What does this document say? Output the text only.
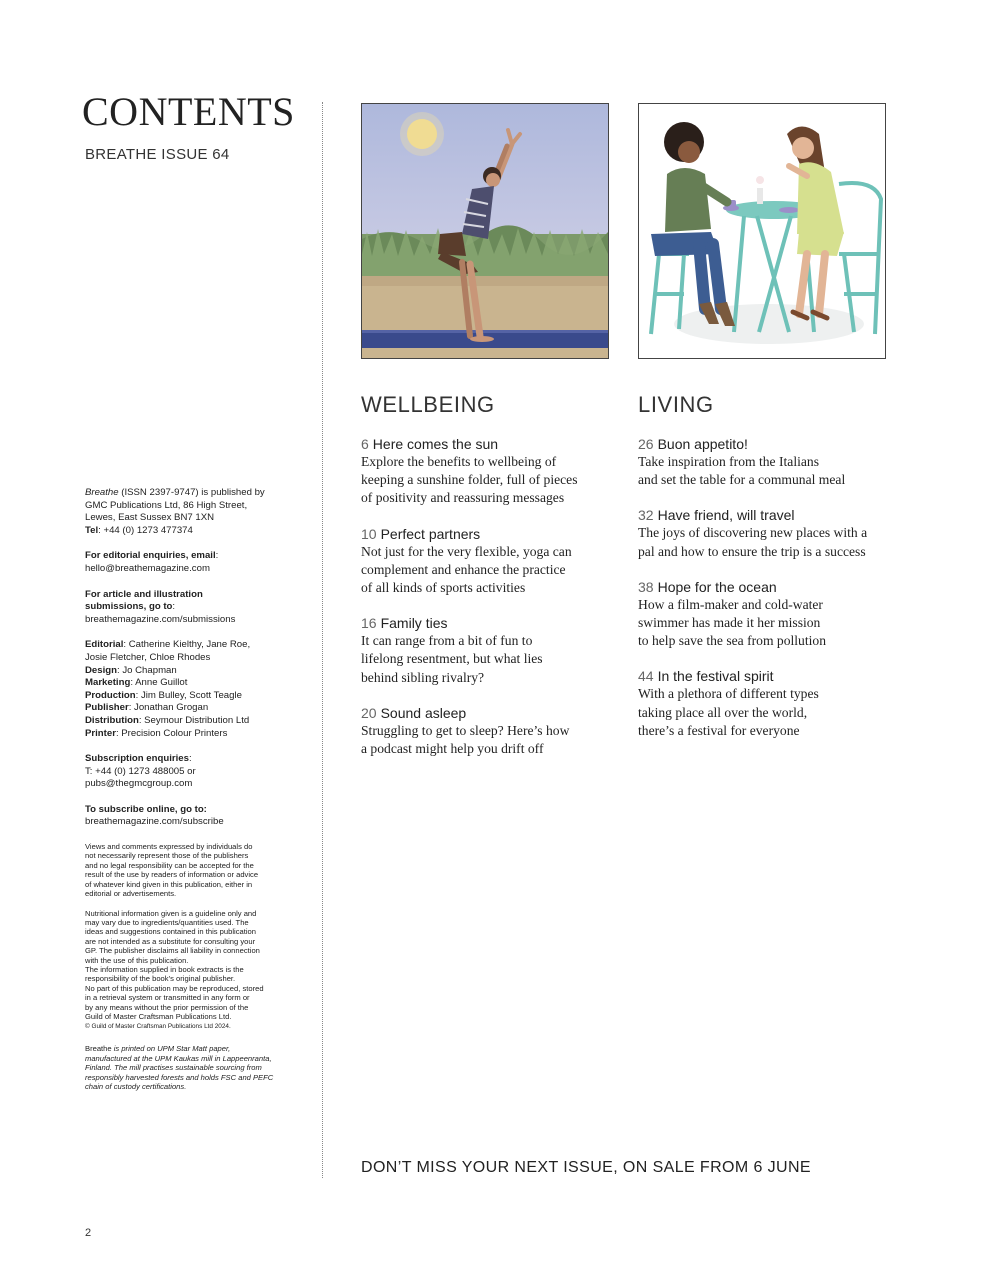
CONTENTS
BREATHE ISSUE 64

Breathe (ISSN 2397-9747) is published by
GMC Publications Ltd, 86 High Street,
Lewes, East Sussex BN7 1XN
Tel: +44 (0) 1273 477374

For editorial enquiries, email:
hello@breathemagazine.com

For article and illustration
submissions, go to:
breathemagazine.com/submissions

Editorial: Catherine Kielthy, Jane Roe,
Josie Fletcher, Chloe Rhodes
Design: Jo Chapman
Marketing: Anne Guillot
Production: Jim Bulley, Scott Teagle
Publisher: Jonathan Grogan
Distribution: Seymour Distribution Ltd
Printer: Precision Colour Printers

Subscription enquiries:
T: +44 (0) 1273 488005 or
pubs@thegmcgroup.com

To subscribe online, go to:
breathemagazine.com/subscribe

Views and comments expressed by individuals do
not necessarily represent those of the publishers
and no legal responsibility can be accepted for the
result of the use by readers of information or advice
of whatever kind given in this publication, either in
editorial or advertisements.

Nutritional information given is a guideline only and
may vary due to ingredients/quantities used. The
ideas and suggestions contained in this publication
are not intended as a substitute for consulting your
GP. The publisher disclaims all liability in connection
with the use of this publication.
The information supplied in book extracts is the
responsibility of the book’s original publisher.
No part of this publication may be reproduced, stored
in a retrieval system or transmitted in any form or
by any means without the prior permission of the
Guild of Master Craftsman Publications Ltd.

© Guild of Master Craftsman Publications Ltd 2024.

Breathe is printed on UPM Star Matt paper,
manufactured at the UPM Kaukas mill in Lappeenranta,
Finland. The mill practises sustainable sourcing from
responsibly harvested forests and holds FSC and PEFC
chain of custody certifications.

2
WELLBEING	LIVING
6 Here comes the sun
Explore the benefits to wellbeing of
keeping a sunshine folder, full of pieces
of positivity and reassuring messages
10 Perfect partners
Not just for the very flexible, yoga can
complement and enhance the practice
of all kinds of sports activities
16 Family ties
It can range from a bit of fun to
lifelong resentment, but what lies
behind sibling rivalry?
20 Sound asleep
Struggling to get to sleep? Here’s how
a podcast might help you drift off
26 Buon appetito!
Take inspiration from the Italians
and set the table for a communal meal
32 Have friend, will travel
The joys of discovering new places with a
pal and how to ensure the trip is a success
38 Hope for the ocean
How a film-maker and cold-water
swimmer has made it her mission
to help save the sea from pollution
44 In the festival spirit
With a plethora of different types
taking place all over the world,
there’s a festival for everyone
DON’T MISS YOUR NEXT ISSUE, ON SALE FROM 6 JUNE
